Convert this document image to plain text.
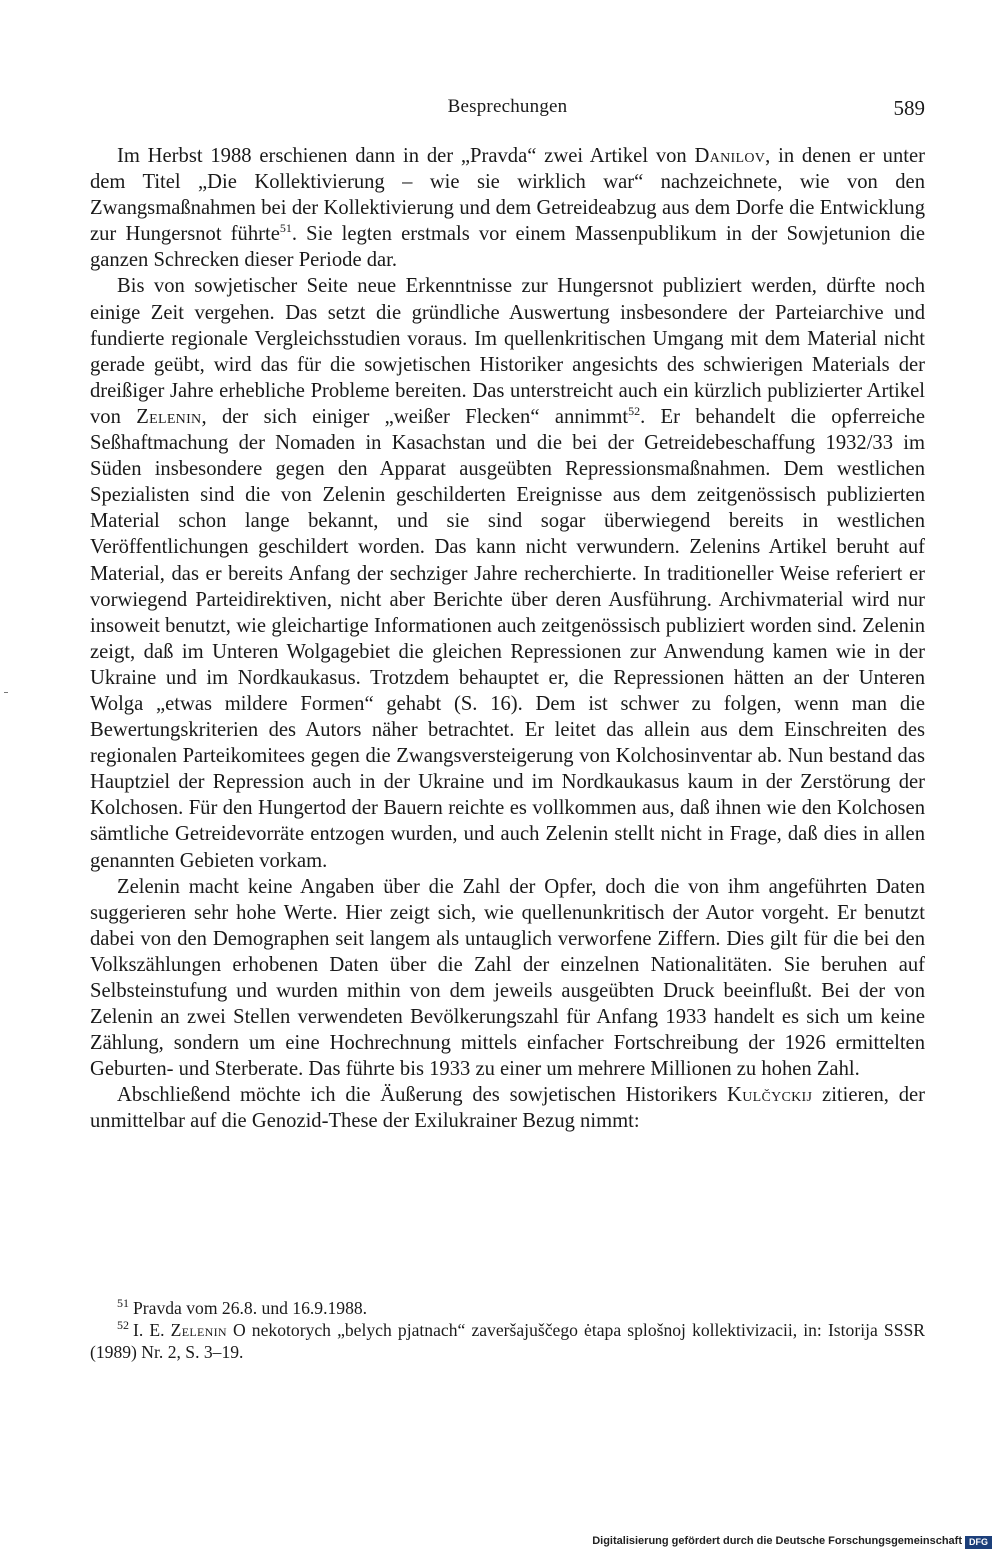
Besprechungen	589

Im Herbst 1988 erschienen dann in der „Pravda“ zwei Artikel von Danilov, in denen er unter dem Titel „Die Kollektivierung – wie sie wirklich war“ nachzeichnete, wie von den Zwangsmaßnahmen bei der Kollektivierung und dem Getreideabzug aus dem Dorfe die Entwicklung zur Hungersnot führte$^{51}$. Sie legten erstmals vor einem Massenpublikum in der Sowjetunion die ganzen Schrecken dieser Periode dar.

Bis von sowjetischer Seite neue Erkenntnisse zur Hungersnot publiziert werden, dürfte noch einige Zeit vergehen. Das setzt die gründliche Auswertung insbesondere der Parteiarchive und fundierte regionale Vergleichsstudien voraus. Im quellenkritischen Umgang mit dem Material nicht gerade geübt, wird das für die sowjetischen Historiker angesichts des schwierigen Materials der dreißiger Jahre erhebliche Probleme bereiten. Das unterstreicht auch ein kürzlich publizierter Artikel von Zelenin, der sich einiger „weißer Flecken“ annimmt$^{52}$. Er behandelt die opferreiche Seßhaftmachung der Nomaden in Kasachstan und die bei der Getreidebeschaffung 1932/33 im Süden insbesondere gegen den Apparat ausgeübten Repressionsmaßnahmen. Dem westlichen Spezialisten sind die von Zelenin geschilderten Ereignisse aus dem zeitgenössisch publizierten Material schon lange bekannt, und sie sind sogar überwiegend bereits in westlichen Veröffentlichungen geschildert worden. Das kann nicht verwundern. Zelenins Artikel beruht auf Material, das er bereits Anfang der sechziger Jahre recherchierte. In traditioneller Weise referiert er vorwiegend Parteidirektiven, nicht aber Berichte über deren Ausführung. Archivmaterial wird nur insoweit benutzt, wie gleichartige Informationen auch zeitgenössisch publiziert worden sind. Zelenin zeigt, daß im Unteren Wolgagebiet die gleichen Repressionen zur Anwendung kamen wie in der Ukraine und im Nordkaukasus. Trotzdem behauptet er, die Repressionen hätten an der Unteren Wolga „etwas mildere Formen“ gehabt (S. 16). Dem ist schwer zu folgen, wenn man die Bewertungskriterien des Autors näher betrachtet. Er leitet das allein aus dem Einschreiten des regionalen Parteikomitees gegen die Zwangsversteigerung von Kolchosinventar ab. Nun bestand das Hauptziel der Repression auch in der Ukraine und im Nordkaukasus kaum in der Zerstörung der Kolchosen. Für den Hungertod der Bauern reichte es vollkommen aus, daß ihnen wie den Kolchosen sämtliche Getreidevorräte entzogen wurden, und auch Zelenin stellt nicht in Frage, daß dies in allen genannten Gebieten vorkam.

Zelenin macht keine Angaben über die Zahl der Opfer, doch die von ihm angeführten Daten suggerieren sehr hohe Werte. Hier zeigt sich, wie quellenunkritisch der Autor vorgeht. Er benutzt dabei von den Demographen seit langem als untauglich verworfene Ziffern. Dies gilt für die bei den Volkszählungen erhobenen Daten über die Zahl der einzelnen Nationalitäten. Sie beruhen auf Selbsteinstufung und wurden mithin von dem jeweils ausgeübten Druck beeinflußt. Bei der von Zelenin an zwei Stellen verwendeten Bevölkerungszahl für Anfang 1933 handelt es sich um keine Zählung, sondern um eine Hochrechnung mittels einfacher Fortschreibung der 1926 ermittelten Geburten- und Sterberate. Das führte bis 1933 zu einer um mehrere Millionen zu hohen Zahl.

Abschließend möchte ich die Äußerung des sowjetischen Historikers Kulčyckij zitieren, der unmittelbar auf die Genozid-These der Exilukrainer Bezug nimmt:

$^{51}$ Pravda vom 26.8. und 16.9.1988.

$^{52}$ I. E. Zelenin O nekotorych „belych pjatnach“ zaveršajuščego ėtapa splošnoj kollektivizacii, in: Istorija SSSR (1989) Nr. 2, S. 3–19.

Digitalisierung gefördert durch die Deutsche Forschungsgemeinschaft DFG
